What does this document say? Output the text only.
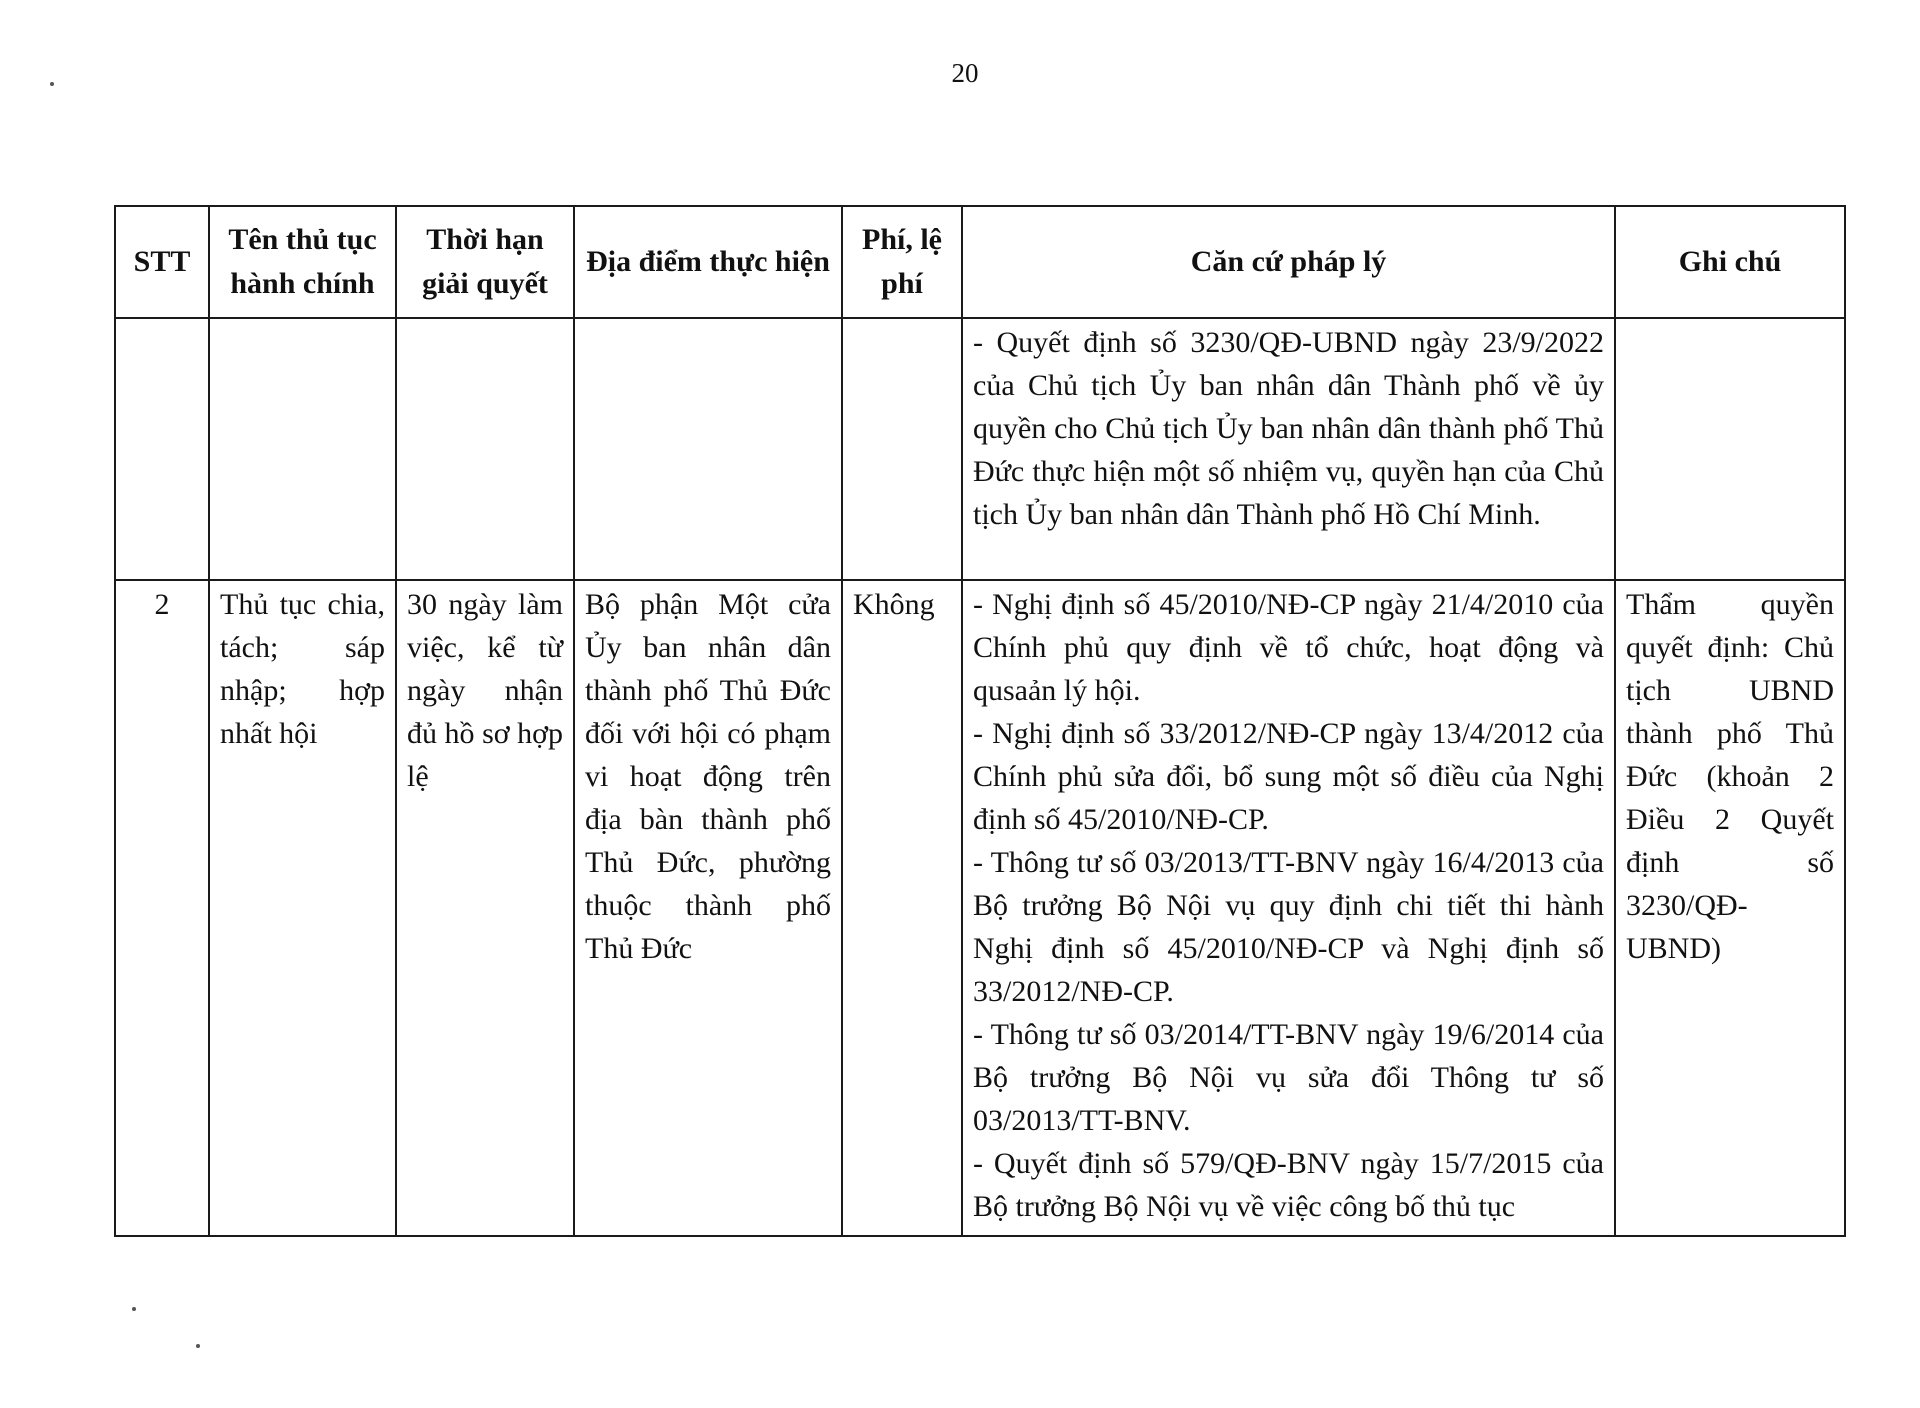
20
STT	Tên thủ tục hành chính	Thời hạn giải quyết	Địa điểm thực hiện	Phí, lệ phí	Căn cứ pháp lý	Ghi chú

					- Quyết định số 3230/QĐ-UBND ngày 23/9/2022 của Chủ tịch Ủy ban nhân dân Thành phố về ủy quyền cho Chủ tịch Ủy ban nhân dân thành phố Thủ Đức thực hiện một số nhiệm vụ, quyền hạn của Chủ tịch Ủy ban nhân dân Thành phố Hồ Chí Minh.	

2	Thủ tục chia, tách; sáp nhập; hợp nhất hội	30 ngày làm việc, kể từ ngày nhận đủ hồ sơ hợp lệ	Bộ phận Một cửa Ủy ban nhân dân thành phố Thủ Đức đối với hội có phạm vi hoạt động trên địa bàn thành phố Thủ Đức, phường thuộc thành phố Thủ Đức	Không	- Nghị định số 45/2010/NĐ-CP ngày 21/4/2010 của Chính phủ quy định về tổ chức, hoạt động và qusaản lý hội.

- Nghị định số 33/2012/NĐ-CP ngày 13/4/2012 của Chính phủ sửa đổi, bổ sung một số điều của Nghị định số 45/2010/NĐ-CP.

- Thông tư số 03/2013/TT-BNV ngày 16/4/2013 của Bộ trưởng Bộ Nội vụ quy định chi tiết thi hành Nghị định số 45/2010/NĐ-CP và Nghị định số 33/2012/NĐ-CP.

- Thông tư số 03/2014/TT-BNV ngày 19/6/2014 của Bộ trưởng Bộ Nội vụ sửa đổi Thông tư số 03/2013/TT-BNV.

- Quyết định số 579/QĐ-BNV ngày 15/7/2015 của Bộ trưởng Bộ Nội vụ về việc công bố thủ tục	Thẩm quyền quyết định: Chủ tịch UBND thành phố Thủ Đức (khoản 2 Điều 2 Quyết định số 3230/QĐ-UBND)
